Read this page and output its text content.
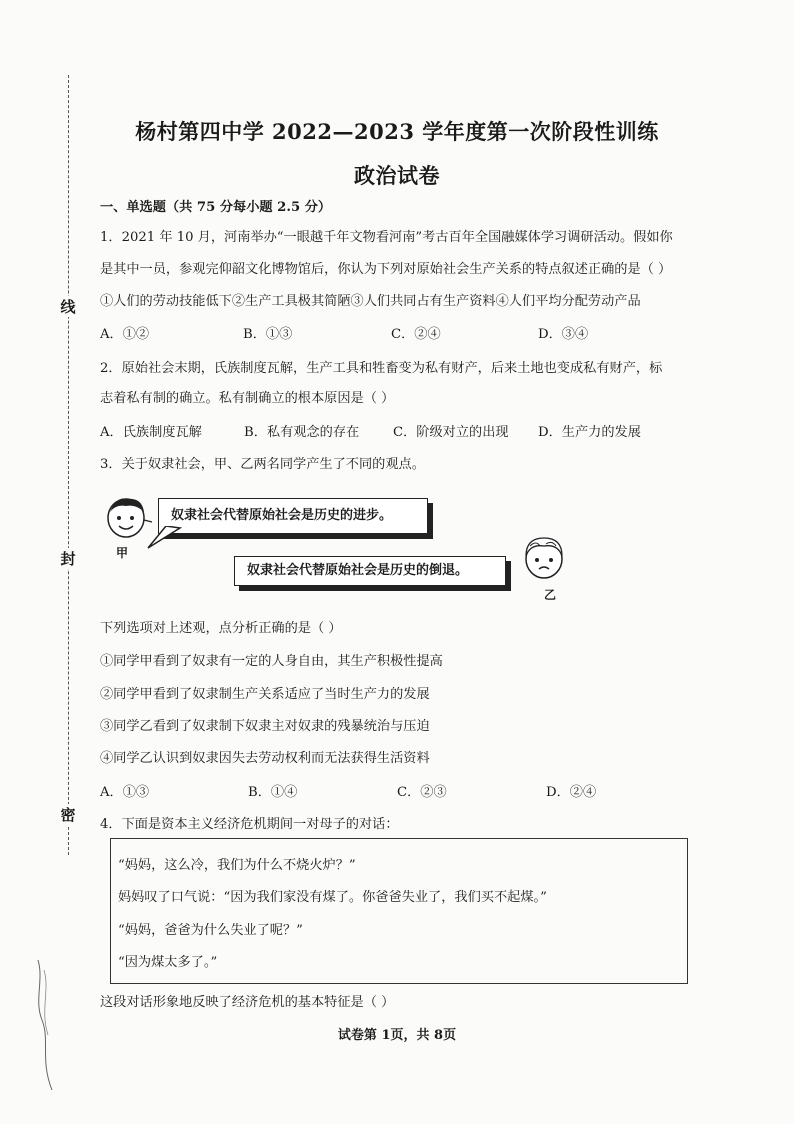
线
封
密
杨村第四中学 2022—2023 学年度第一次阶段性训练
政治试卷
一、单选题（共 75 分每小题 2.5 分）
1．2021 年 10 月，河南举办“一眼越千年文物看河南”考古百年全国融媒体学习调研活动。假如你
是其中一员，参观完仰韶文化博物馆后，你认为下列对原始社会生产关系的特点叙述正确的是（ ）
①人们的劳动技能低下②生产工具极其简陋③人们共同占有生产资料④人们平均分配劳动产品
A．①②	B．①③	C．②④	D．③④
2．原始社会末期，氏族制度瓦解，生产工具和牲畜变为私有财产，后来土地也变成私有财产，标
志着私有制的确立。私有制确立的根本原因是（ ）
A．氏族制度瓦解	B．私有观念的存在	C．阶级对立的出现 D．生产力的发展
3．关于奴隶社会，甲、乙两名同学产生了不同的观点。
甲
奴隶社会代替原始社会是历史的进步。
奴隶社会代替原始社会是历史的倒退。
乙
下列选项对上述观，点分析正确的是（ ）
①同学甲看到了奴隶有一定的人身自由，其生产积极性提高
②同学甲看到了奴隶制生产关系适应了当时生产力的发展
③同学乙看到了奴隶制下奴隶主对奴隶的残暴统治与压迫
④同学乙认识到奴隶因失去劳动权利而无法获得生活资料
A．①③	B．①④	C．②③	D．②④
4．下面是资本主义经济危机期间一对母子的对话：
“妈妈，这么冷，我们为什么不烧火炉？”
妈妈叹了口气说：“因为我们家没有煤了。你爸爸失业了，我们买不起煤。”
“妈妈，爸爸为什么失业了呢？”
“因为煤太多了。”
这段对话形象地反映了经济危机的基本特征是（ ）
试卷第 1页，共 8页
